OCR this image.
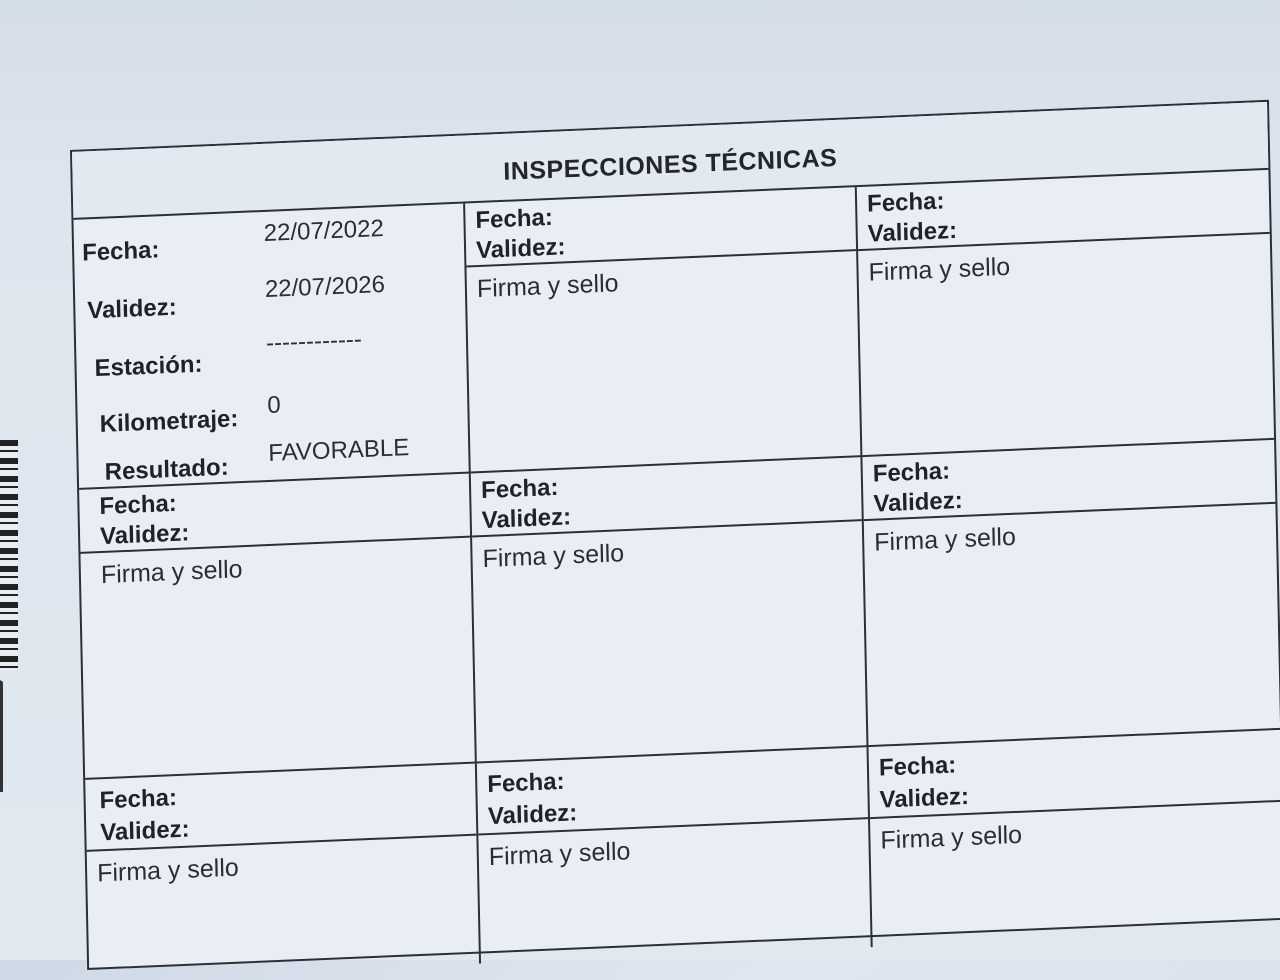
INSPECCIONES TÉCNICAS
Fecha:
22/07/2022
Validez:
22/07/2026
Estación:
------------
Kilometraje:
0
Resultado:
FAVORABLE
Fecha:
Validez:
Firma y sello
Fecha:
Validez:
Firma y sello
Fecha:
Validez:
Firma y sello
Fecha:
Validez:
Firma y sello
Fecha:
Validez:
Firma y sello
Fecha:
Validez:
Firma y sello
Fecha:
Validez:
Firma y sello
Fecha:
Validez:
Firma y sello
